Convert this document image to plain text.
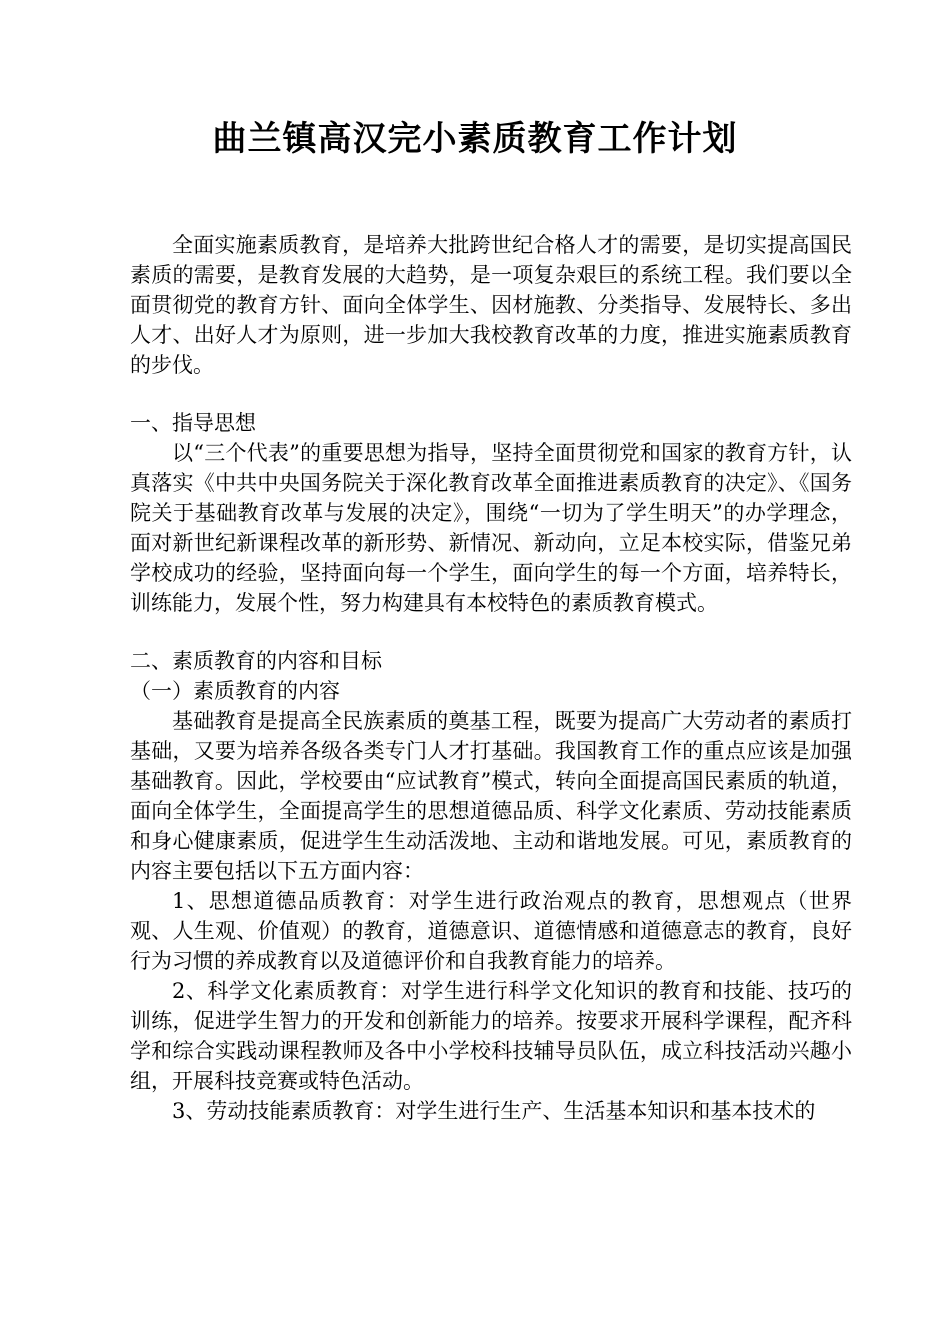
曲兰镇高汉完小素质教育工作计划

全面实施素质教育，是培养大批跨世纪合格人才的需要，是切实提高国民素质的需要，是教育发展的大趋势，是一项复杂艰巨的系统工程。我们要以全面贯彻党的教育方针、面向全体学生、因材施教、分类指导、发展特长、多出人才、出好人才为原则，进一步加大我校教育改革的力度，推进实施素质教育的步伐。

一、指导思想

以“三个代表”的重要思想为指导，坚持全面贯彻党和国家的教育方针，认真落实《中共中央国务院关于深化教育改革全面推进素质教育的决定》、《国务院关于基础教育改革与发展的决定》，围绕“一切为了学生明天”的办学理念，面对新世纪新课程改革的新形势、新情况、新动向，立足本校实际，借鉴兄弟学校成功的经验，坚持面向每一个学生，面向学生的每一个方面，培养特长，训练能力，发展个性，努力构建具有本校特色的素质教育模式。

二、素质教育的内容和目标

（一）素质教育的内容

基础教育是提高全民族素质的奠基工程，既要为提高广大劳动者的素质打基础，又要为培养各级各类专门人才打基础。我国教育工作的重点应该是加强基础教育。因此，学校要由“应试教育”模式，转向全面提高国民素质的轨道，面向全体学生，全面提高学生的思想道德品质、科学文化素质、劳动技能素质和身心健康素质，促进学生生动活泼地、主动和谐地发展。可见，素质教育的内容主要包括以下五方面内容：

1、思想道德品质教育：对学生进行政治观点的教育，思想观点（世界观、人生观、价值观）的教育，道德意识、道德情感和道德意志的教育，良好行为习惯的养成教育以及道德评价和自我教育能力的培养。

2、科学文化素质教育：对学生进行科学文化知识的教育和技能、技巧的训练，促进学生智力的开发和创新能力的培养。按要求开展科学课程，配齐科学和综合实践动课程教师及各中小学校科技辅导员队伍，成立科技活动兴趣小组，开展科技竞赛或特色活动。

3、劳动技能素质教育：对学生进行生产、生活基本知识和基本技术的
